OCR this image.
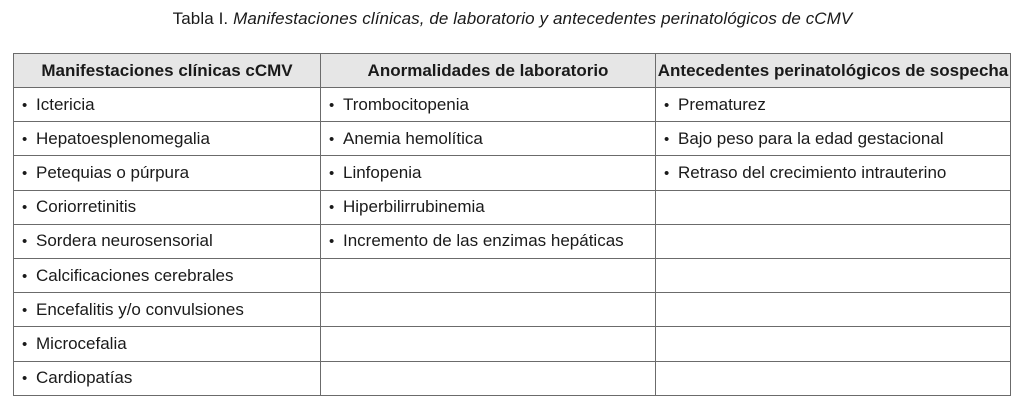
Tabla I. Manifestaciones clínicas, de laboratorio y antecedentes perinatológicos de cCMV
Manifestaciones clínicas cCMV	Anormalidades de laboratorio	Antecedentes perinatológicos de sospecha
• Ictericia	• Trombocitopenia	• Prematurez
• Hepatoesplenomegalia	• Anemia hemolítica	• Bajo peso para la edad gestacional
• Petequias o púrpura	• Linfopenia	• Retraso del crecimiento intrauterino
• Coriorretinitis	• Hiperbilirrubinemia	
• Sordera neurosensorial	• Incremento de las enzimas hepáticas	
• Calcificaciones cerebrales		
• Encefalitis y/o convulsiones		
• Microcefalia		
• Cardiopatías		
